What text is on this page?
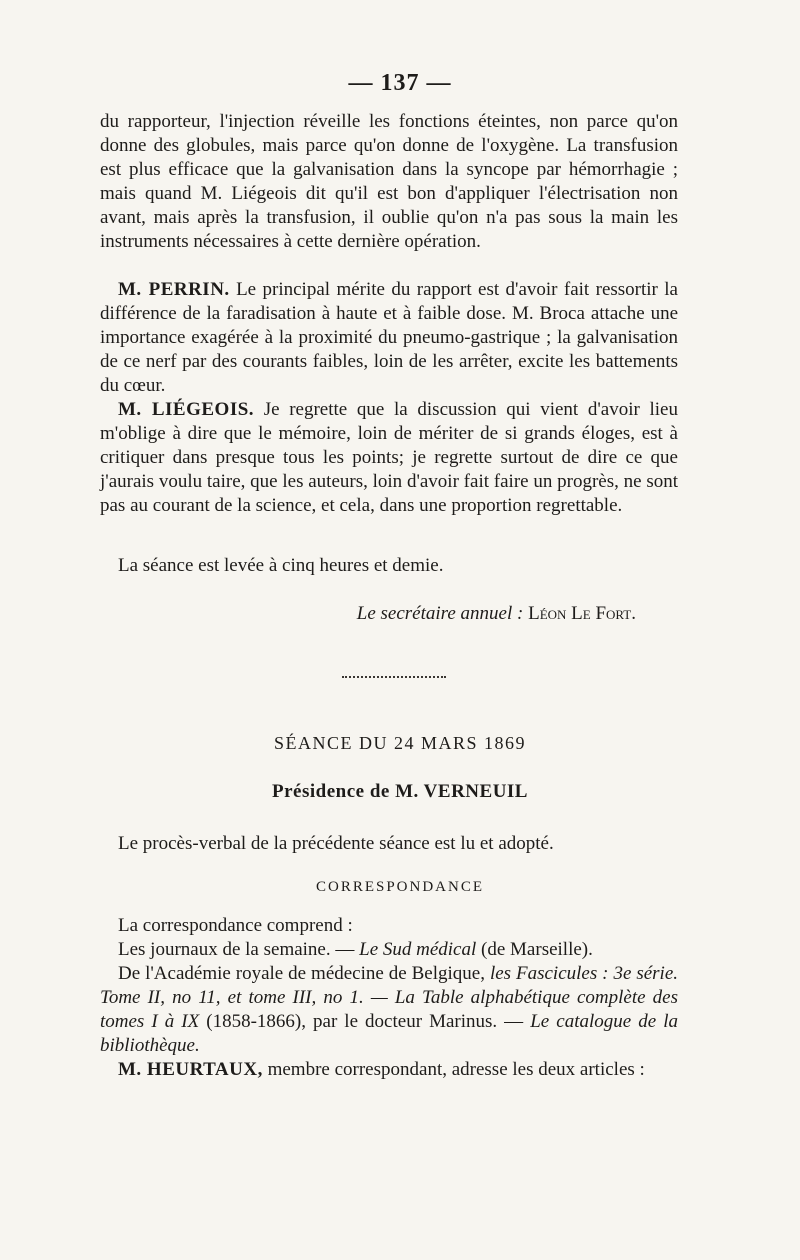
— 137 —

du rapporteur, l'injection réveille les fonctions éteintes, non parce qu'on donne des globules, mais parce qu'on donne de l'oxygène. La transfusion est plus efficace que la galvanisation dans la syncope par hémorrhagie ; mais quand M. Liégeois dit qu'il est bon d'appliquer l'électrisation non avant, mais après la transfusion, il oublie qu'on n'a pas sous la main les instruments nécessaires à cette dernière opération.

M. PERRIN. Le principal mérite du rapport est d'avoir fait ressortir la différence de la faradisation à haute et à faible dose. M. Broca attache une importance exagérée à la proximité du pneumo-gastrique ; la galvanisation de ce nerf par des courants faibles, loin de les arrêter, excite les battements du cœur.

M. LIÉGEOIS. Je regrette que la discussion qui vient d'avoir lieu m'oblige à dire que le mémoire, loin de mériter de si grands éloges, est à critiquer dans presque tous les points; je regrette surtout de dire ce que j'aurais voulu taire, que les auteurs, loin d'avoir fait faire un progrès, ne sont pas au courant de la science, et cela, dans une proportion regrettable.

La séance est levée à cinq heures et demie.

Le secrétaire annuel : Léon Le Fort.
SÉANCE DU 24 MARS 1869
Présidence de M. VERNEUIL

Le procès-verbal de la précédente séance est lu et adopté.

CORRESPONDANCE

La correspondance comprend :

Les journaux de la semaine. — Le Sud médical (de Marseille).

De l'Académie royale de médecine de Belgique, les Fascicules : 3e série. Tome II, no 11, et tome III, no 1. — La Table alphabétique complète des tomes I à IX (1858-1866), par le docteur Marinus. — Le catalogue de la bibliothèque.

M. HEURTAUX, membre correspondant, adresse les deux articles :
